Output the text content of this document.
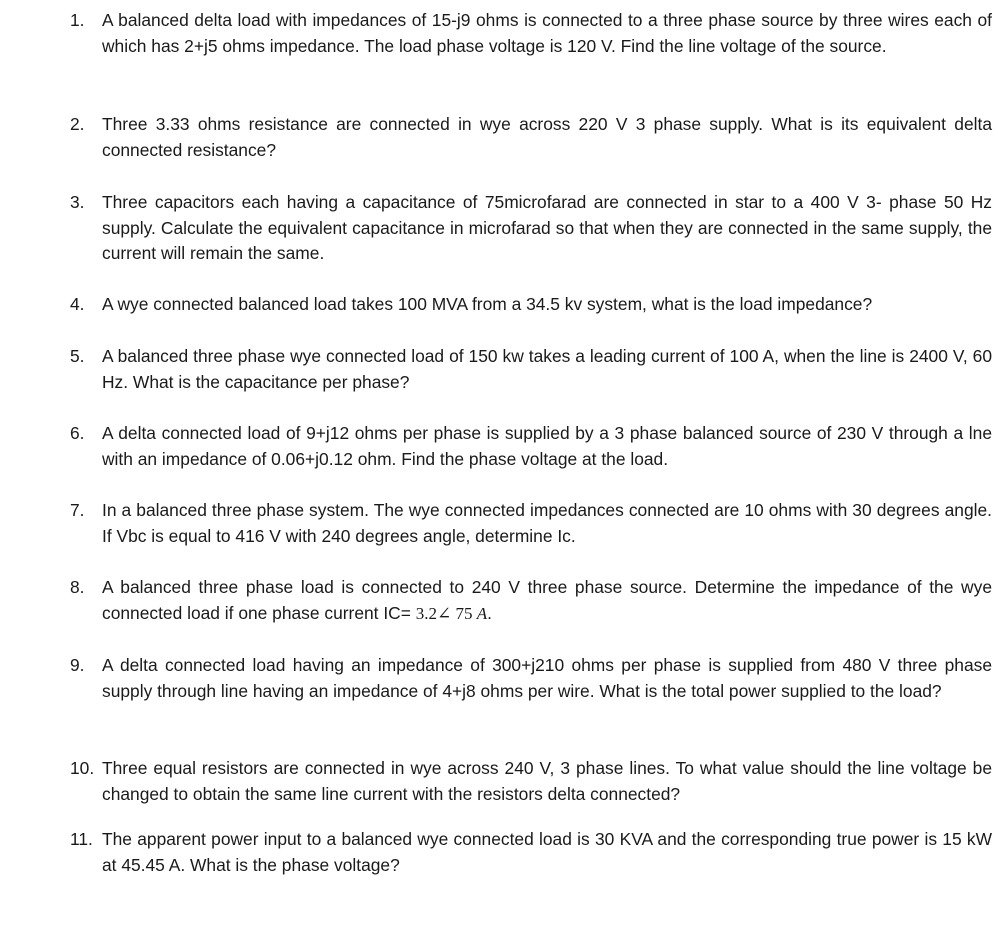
1.	A balanced delta load with impedances of 15-j9 ohms is connected to a three phase source by three wires each of which has 2+j5 ohms impedance. The load phase voltage is 120 V. Find the line voltage of the source.
2.	Three 3.33 ohms resistance are connected in wye across 220 V 3 phase supply. What is its equivalent delta connected resistance?
3.	Three capacitors each having a capacitance of 75microfarad are connected in star to a 400 V 3- phase 50 Hz supply. Calculate the equivalent capacitance in microfarad so that when they are connected in the same supply, the current will remain the same.
4.	A wye connected balanced load takes 100 MVA from a 34.5 kv system, what is the load impedance?
5.	A balanced three phase wye connected load of 150 kw takes a leading current of 100 A, when the line is 2400 V, 60 Hz. What is the capacitance per phase?
6.	A delta connected load of 9+j12 ohms per phase is supplied by a 3 phase balanced source of 230 V through a lne with an impedance of 0.06+j0.12 ohm. Find the phase voltage at the load.
7.	In a balanced three phase system. The wye connected impedances connected are 10 ohms with 30 degrees angle. If Vbc is equal to 416 V with 240 degrees angle, determine Ic.
8.	A balanced three phase load is connected to 240 V three phase source. Determine the impedance of the wye connected load if one phase current IC= 3.2∠ 75 A.
9.	A delta connected load having an impedance of 300+j210 ohms per phase is supplied from 480 V three phase supply through line having an impedance of 4+j8 ohms per wire. What is the total power supplied to the load?
10. Three equal resistors are connected in wye across 240 V, 3 phase lines. To what value should the line voltage be changed to obtain the same line current with the resistors delta connected?
11. The apparent power input to a balanced wye connected load is 30 KVA and the corresponding true power is 15 kW at 45.45 A. What is the phase voltage?
